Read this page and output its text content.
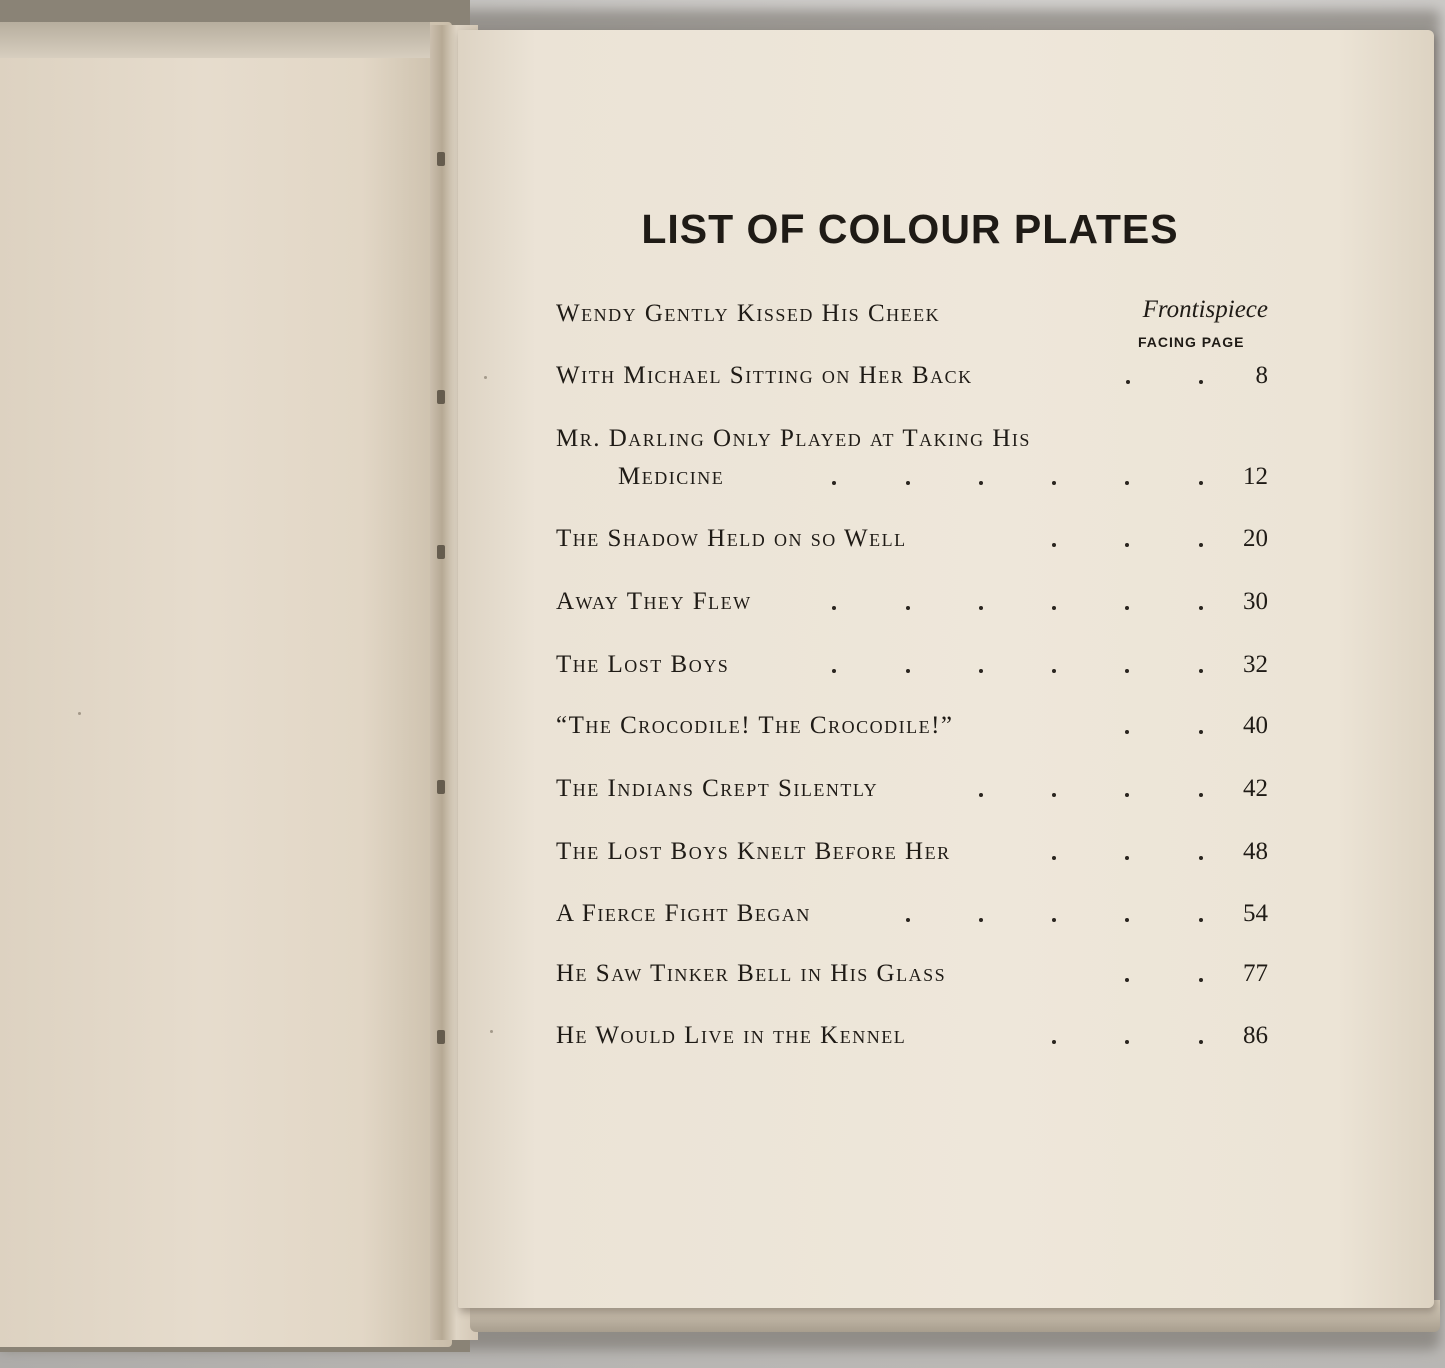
LIST OF COLOUR PLATES
Wendy Gently Kissed His Cheek	Frontispiece
FACING PAGE
With Michael Sitting on Her Back	8
Mr. Darling Only Played at Taking His
Medicine	12
The Shadow Held on so Well	20
Away They Flew	30
The Lost Boys	32
“The Crocodile! The Crocodile!”	40
The Indians Crept Silently	42
The Lost Boys Knelt Before Her	48
A Fierce Fight Began	54
He Saw Tinker Bell in His Glass	77
He Would Live in the Kennel	86
